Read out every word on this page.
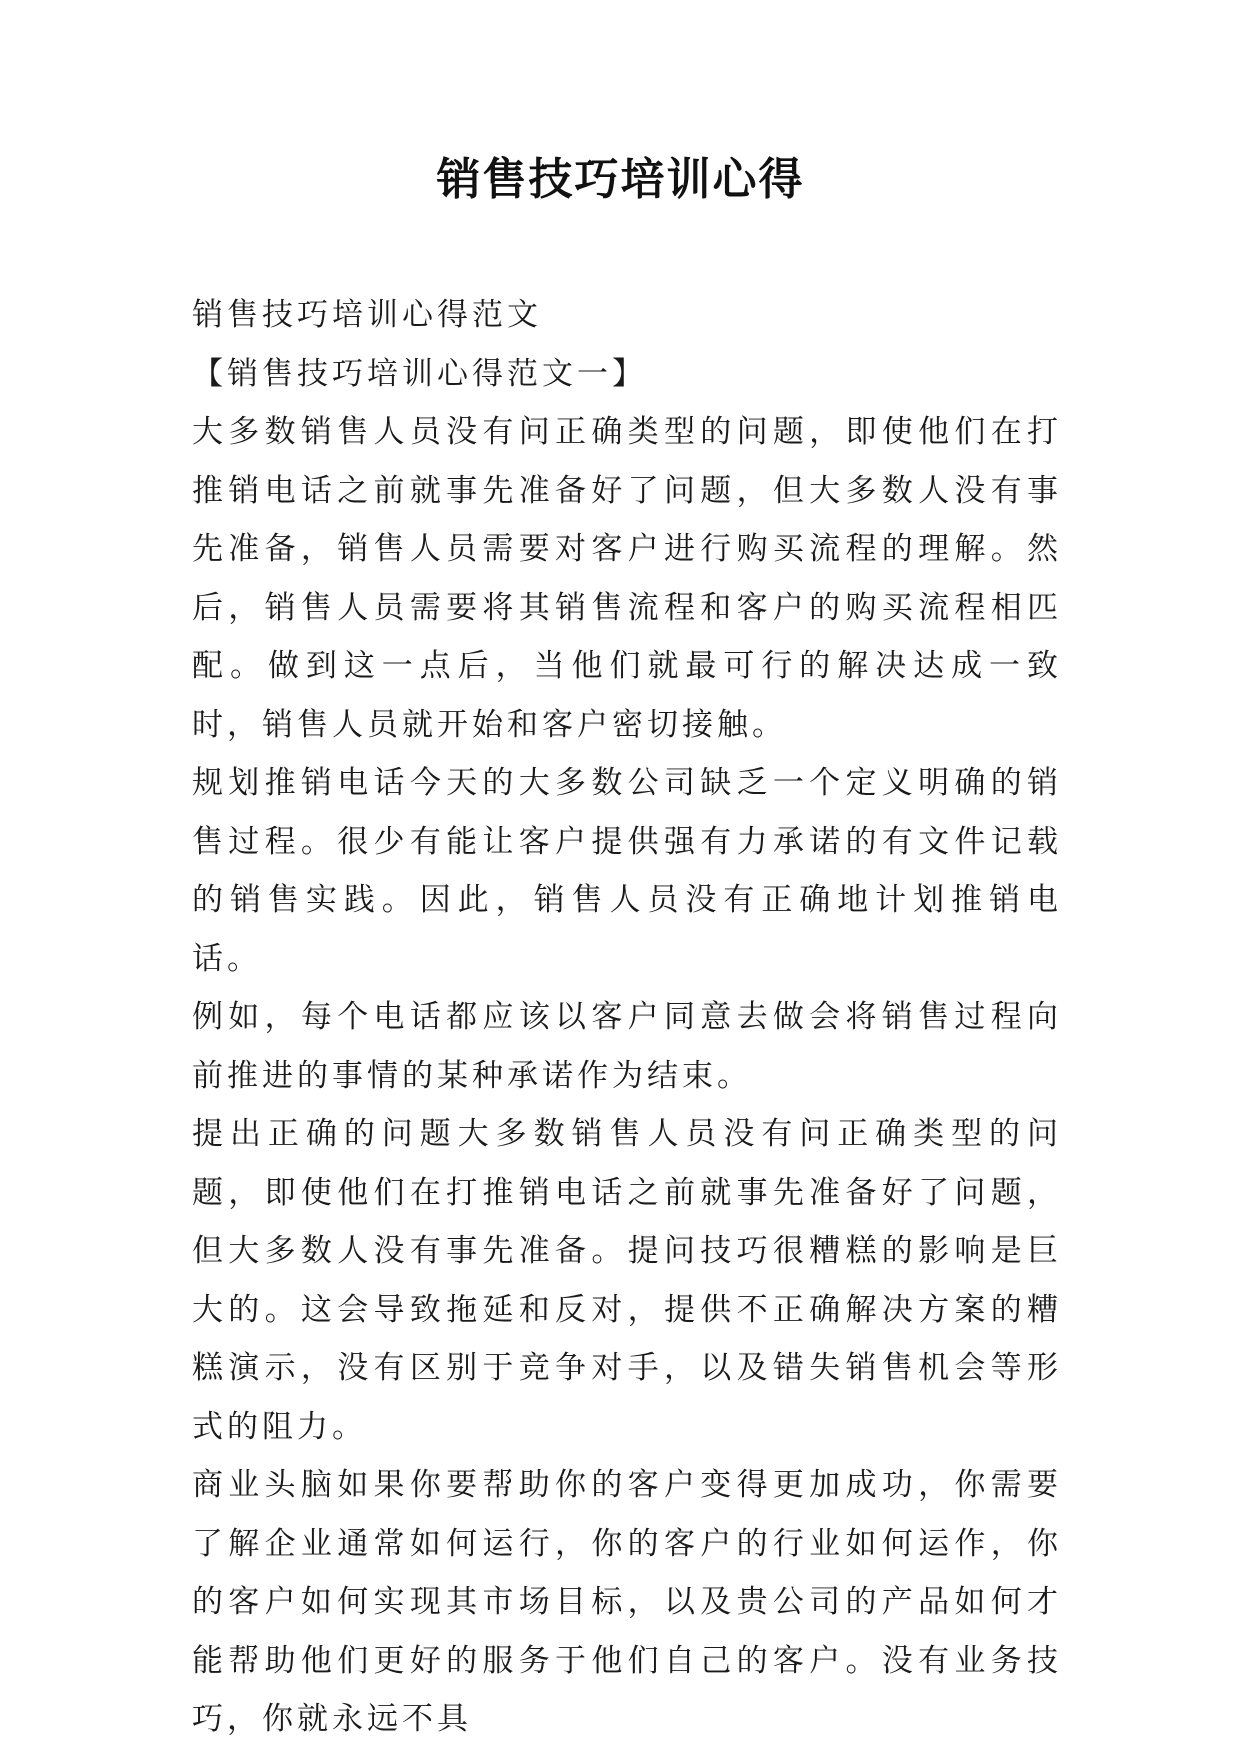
销售技巧培训心得

销售技巧培训心得范文

【销售技巧培训心得范文一】

大多数销售人员没有问正确类型的问题，即使他们在打推销电话之前就事先准备好了问题，但大多数人没有事先准备，销售人员需要对客户进行购买流程的理解。然后，销售人员需要将其销售流程和客户的购买流程相匹配。做到这一点后，当他们就最可行的解决达成一致时，销售人员就开始和客户密切接触。

规划推销电话今天的大多数公司缺乏一个定义明确的销售过程。很少有能让客户提供强有力承诺的有文件记载的销售实践。因此，销售人员没有正确地计划推销电话。

例如，每个电话都应该以客户同意去做会将销售过程向前推进的事情的某种承诺作为结束。

提出正确的问题大多数销售人员没有问正确类型的问题，即使他们在打推销电话之前就事先准备好了问题，但大多数人没有事先准备。提问技巧很糟糕的影响是巨大的。这会导致拖延和反对，提供不正确解决方案的糟糕演示，没有区别于竞争对手，以及错失销售机会等形式的阻力。

商业头脑如果你要帮助你的客户变得更加成功，你需要了解企业通常如何运行，你的客户的行业如何运作，你的客户如何实现其市场目标，以及贵公司的产品如何才能帮助他们更好的服务于他们自己的客户。没有业务技巧，你就永远不具
